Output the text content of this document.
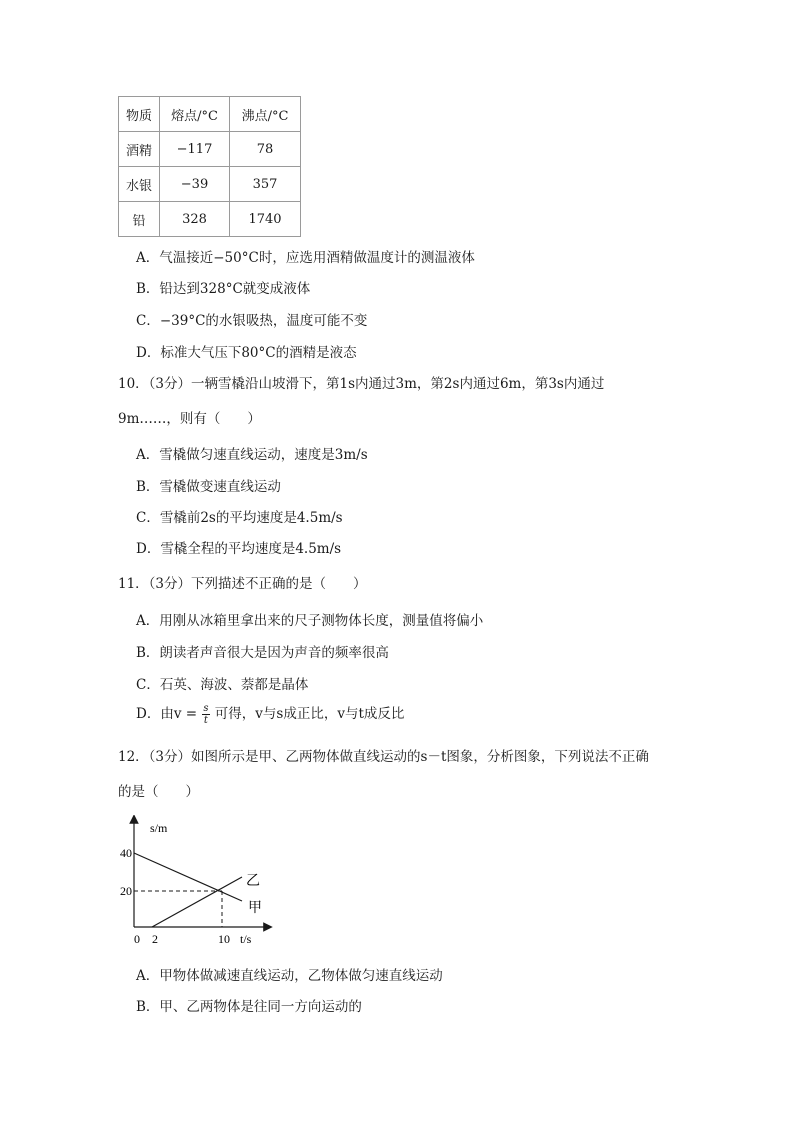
物质	熔点/°C	沸点/°C
酒精	−117	78
水银	−39	357
铅	328	1740
A．气温接近−50°C时，应选用酒精做温度计的测温液体
B．铅达到328°C就变成液体
C．−39°C的水银吸热，温度可能不变
D．标准大气压下80°C的酒精是液态
10．（3分）一辆雪橇沿山坡滑下，第1s内通过3m，第2s内通过6m，第3s内通过
9m……，则有（　　）
A．雪橇做匀速直线运动，速度是3m/s
B．雪橇做变速直线运动
C．雪橇前2s的平均速度是4.5m/s
D．雪橇全程的平均速度是4.5m/s
11．（3分）下列描述不正确的是（　　）
A．用刚从冰箱里拿出来的尺子测物体长度，测量值将偏小
B．朗读者声音很大是因为声音的频率很高
C．石英、海波、萘都是晶体
D．由$v = \frac{s}{t}$ 可得，v与s成正比，v与t成反比
12．（3分）如图所示是甲、乙两物体做直线运动的s－t图象，分析图象，下列说法不正确
的是（　　）
s/m
t/s
0
40
20
2	10
乙
甲
A．甲物体做减速直线运动，乙物体做匀速直线运动
B．甲、乙两物体是往同一方向运动的
